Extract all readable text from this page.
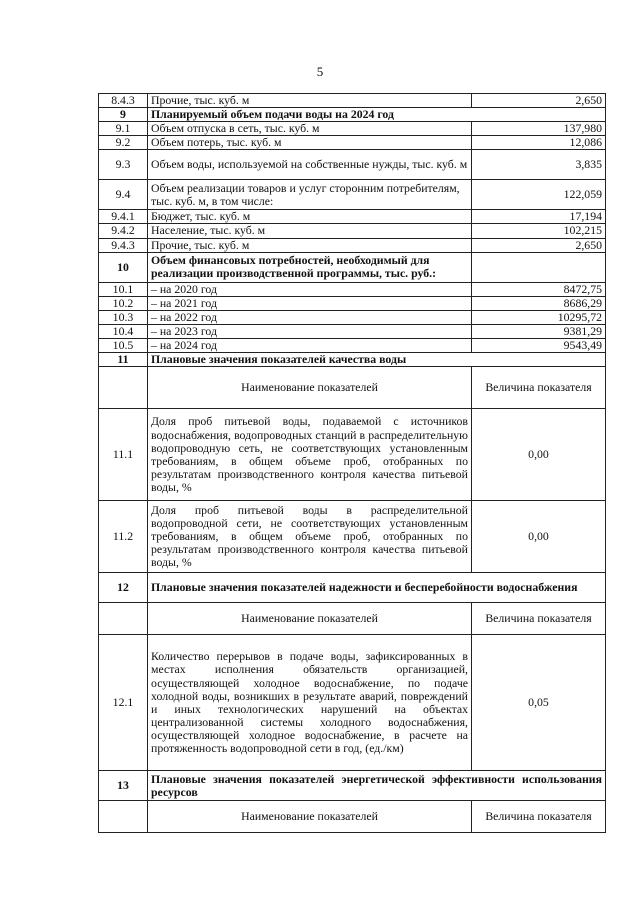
5
8.4.3	Прочие, тыс. куб. м	2,650
9	Планируемый объем подачи воды на 2024 год	
9.1	Объем отпуска в сеть, тыс. куб. м	137,980
9.2	Объем потерь, тыс. куб. м	12,086
9.3	Объем воды, используемой на собственные нужды, тыс. куб. м	3,835
9.4	Объем реализации товаров и услуг сторонним потребителям, тыс. куб. м, в том числе:	122,059
9.4.1	Бюджет, тыс. куб. м	17,194
9.4.2	Население, тыс. куб. м	102,215
9.4.3	Прочие, тыс. куб. м	2,650
10	Объем финансовых потребностей, необходимый для реализации производственной программы, тыс. руб.:	
10.1	– на 2020 год	8472,75
10.2	– на 2021 год	8686,29
10.3	– на 2022 год	10295,72
10.4	– на 2023 год	9381,29
10.5	– на 2024 год	9543,49
11	Плановые значения показателей качества воды	
	Наименование показателей	Величина показателя
11.1	Доля проб питьевой воды, подаваемой с источников водоснабжения, водопроводных станций в распределительную водопроводную сеть, не соответствующих установленным требованиям, в общем объеме проб, отобранных по результатам производственного контроля качества питьевой воды, %	0,00
11.2	Доля проб питьевой воды в распределительной водопроводной сети, не соответствующих установленным требованиям, в общем объеме проб, отобранных по результатам производственного контроля качества питьевой воды, %	0,00
12	Плановые значения показателей надежности и бесперебойности водоснабжения	
	Наименование показателей	Величина показателя
12.1	Количество перерывов в подаче воды, зафиксированных в местах исполнения обязательств организацией, осуществляющей холодное водоснабжение, по подаче холодной воды, возникших в результате аварий, повреждений и иных технологических нарушений на объектах централизованной системы холодного водоснабжения, осуществляющей холодное водоснабжение, в расчете на протяженность водопроводной сети в год, (ед./км)	0,05
13	Плановые значения показателей энергетической эффективности использования ресурсов	
	Наименование показателей	Величина показателя
